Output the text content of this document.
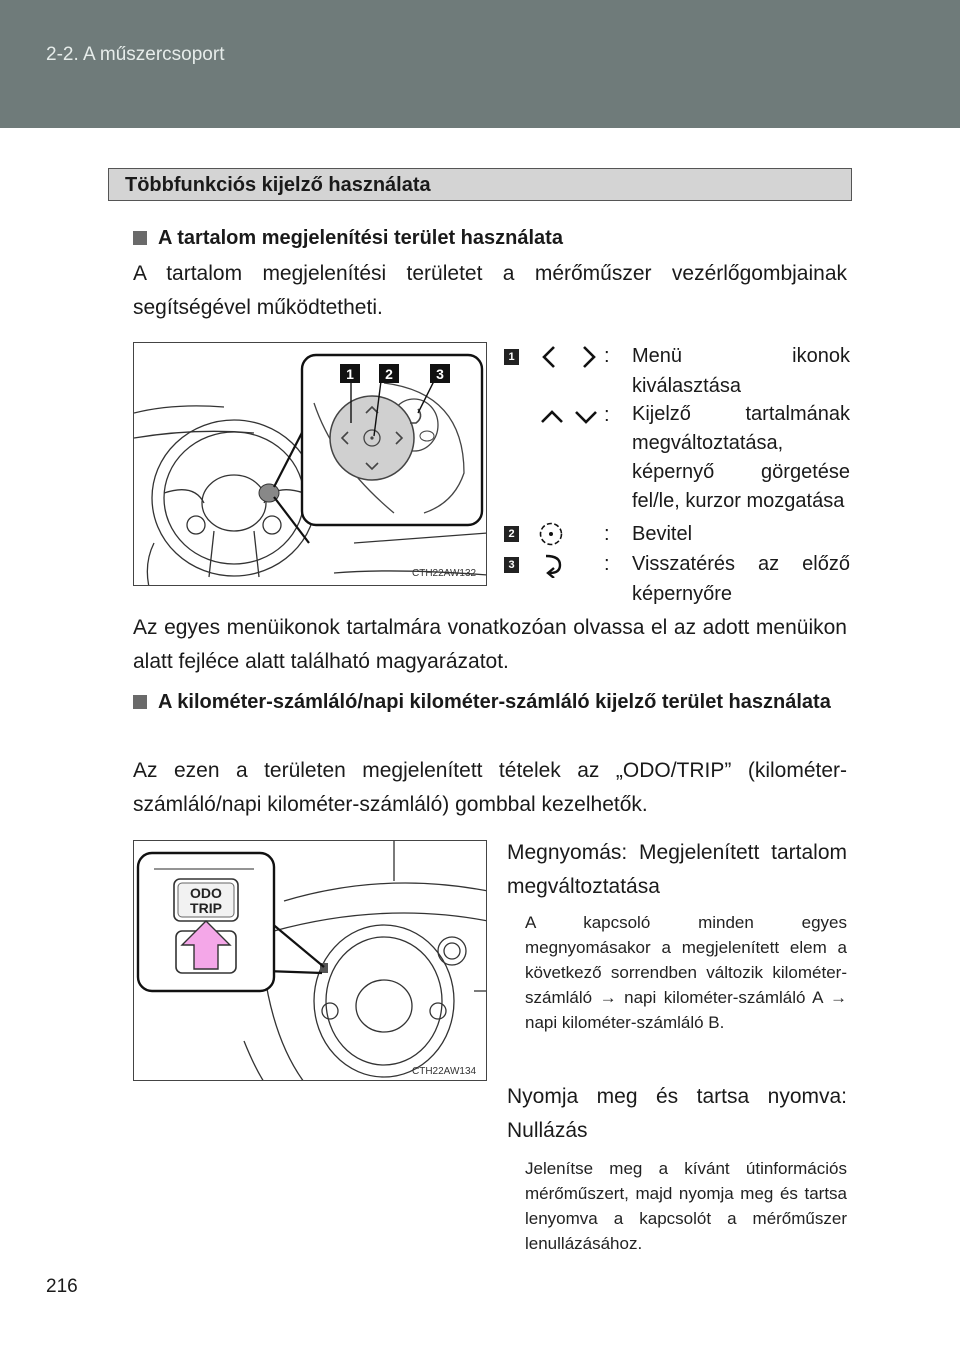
2-2. A műszercsoport
Többfunkciós kijelző használata
A tartalom megjelenítési terület használata
A tartalom megjelenítési területet a mérőműszer vezérlőgombjainak segítségével működtetheti.
1 2	3
CTH22AW132
1	: Menü ikonok kiválasztása
: Kijelző tartalmának megváltoztatása, képernyő görgetése fel/le, kurzor mozgatása
2	: Bevitel
3	: Visszatérés az előző képernyőre
Az egyes menüikonok tartalmára vonatkozóan olvassa el az adott menüikon alatt fejléce alatt található magyarázatot.
A kilométer-számláló/napi kilométer-számláló kijelző terület használata
Az ezen a területen megjelenített tételek az „ODO/TRIP” (kilométer-számláló/napi kilométer-számláló) gombbal kezelhetők.
ODO
TRIP
CTH22AW134
Megnyomás: Megjelenített tartalom megváltoztatása
A kapcsoló minden egyes megnyomásakor a megjelenített elem a következő sorrendben változik kilométer-számláló → napi kilométer-számláló A → napi kilométer-számláló B.
Nyomja meg és tartsa nyomva: Nullázás
Jelenítse meg a kívánt útinformációs mérőműszert, majd nyomja meg és tartsa lenyomva a kapcsolót a mérőműszer lenullázásához.
216
